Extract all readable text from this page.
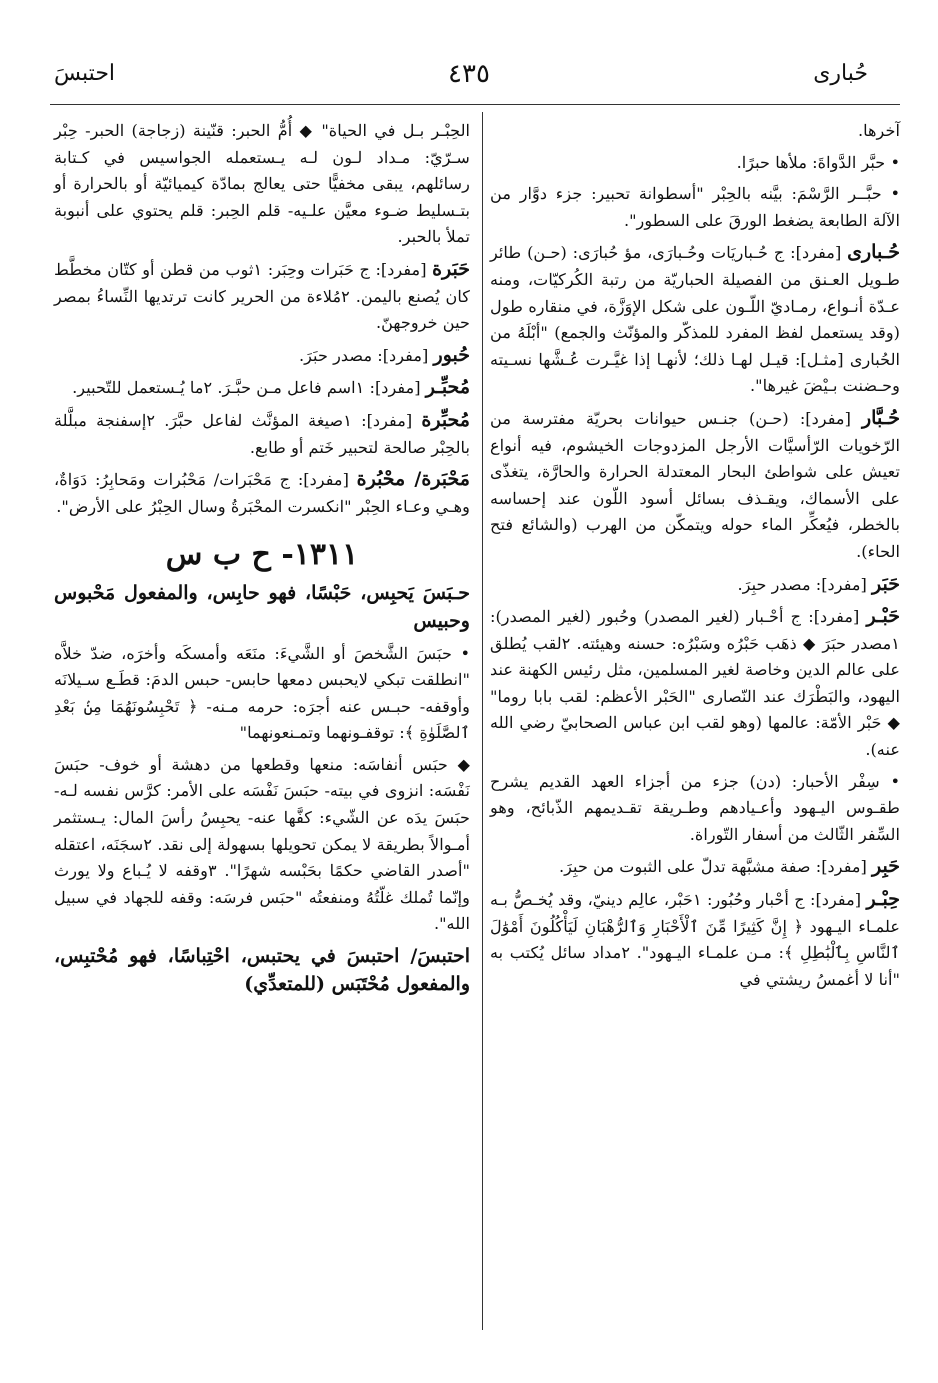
حُبارى
٤٣٥
احتبسَ

آخرها.

• حبَّر الدَّواةَ: ملأها حبرًا.

• حبَّــر الرَّسْمَ: بيَّنه بالحِبْر "أسطوانة تحبير: جزء دوَّار من الآلة الطابعة يضغط الورقَ على السطور".

حُـبارى [مفرد]: ج حُـباريَات وحُـبارَى، مؤ حُبارَى: (حـن) طائر طـويل العـنق من الفصيلة الحباريّة من رتبة الكُركيّات، ومنه عـدّة أنـواع، رمـاديّ اللّـون على شكل الإوَزَّة، في منقاره طول (وقد يستعمل لفظ المفرد للمذكّر والمؤنّث والجمع) "أبْلَهُ من الحُبارى [مثـل]: قيـل لهـا ذلك؛ لأنهـا إذا غيَّـرت عُـشَّها نسـيته وحـضنت بـيْضَ غيرها".

حُـبَّار [مفرد]: (حـن) جنـس حيوانات بحريّة مفترسة من الرّخويات الرّأسيَّات الأرجل المزدوجات الخيشوم، فيه أنواع تعيش على شواطئ البحار المعتدلة الحرارة والحارَّة، يتغذّى على الأسماك، ويقـذف بسائل أسود اللّون عند إحساسه بالخطر، فيُعكِّر الماء حوله ويتمكّن من الهرب (والشائع فتح الحاء).

حَبَر [مفرد]: مصدر حبِرَ.

حَبْـر [مفرد]: ج أحْـبار (لغير المصدر) وحُبور (لغير المصدر): ١مصدر حبَرَ ◆ ذهَب حَبْرُه وسَبْرُه: حسنه وهيئته. ٢لقب يُطلق على عالم الدين وخاصة لغير المسلمين، مثل رئيس الكهنة عند اليهود، والبَطْرَك عند النّصارى "الحَبْر الأعظم: لقب بابا روما" ◆ حَبْر الأمّة: عالمها (وهو لقب ابن عباس الصحابيّ رضي الله عنه).

• سِفْر الأحبار: (دن) جزء من أجزاء العهد القديم يشرح طقـوس اليـهود وأعـيادهم وطـريقة تقـديمهم الذّبائح، وهو السِّفر الثّالث من أسفار التّوراة.

حَبِر [مفرد]: صفة مشبَّهة تدلّ على الثبوت من حبِرَ.

حِبْـر [مفرد]: ج أحْبار وحُبُور: ١حَبْر، عالِم دينيّ، وقد يُخـصُّ بـه علمـاء اليـهود ﴿ إِنَّ كَثِيرًا مِّنَ ٱلْأَحْبَارِ وَٱلرُّهْبَانِ لَيَأْكُلُونَ أَمْوَٰلَ ٱلنَّاسِ بِٱلْبَٰطِلِ ﴾: مـن علمـاء اليـهود". ٢مداد سائل يُكتب به "أنا لا أغمسُ ريشتي في

الحِبْـر بـل في الحياة" ◆ أُمُّ الحبر: قنّينة (زجاجة) الحبر- حِبْر سـرّيّ: مـداد لـون لـه يـستعمله الجواسيس في كـتابة رسائلهم، يبقى مخفيًّا حتى يعالج بمادّة كيميائيّة أو بالحرارة أو بتـسليط ضـوء معيَّن علـيه- قلم الحِبر: قلم يحتوي على أنبوبة تملأ بالحبر.

حَبَرة [مفرد]: ج حَبَرات وحِبَر: ١ثوب من قطن أو كتّان مخطَّط كان يُصنع باليمن. ٢مُلاءة من الحرير كانت ترتديها النِّساءُ بمصر حين خروجهنّ.

حُبور [مفرد]: مصدر حبَرَ.

مُحبِّـر [مفرد]: ١اسم فاعل مـن حبَّـرَ. ٢ما يُـستعمل للتّحبير.

مُحبِّرة [مفرد]: ١صيغة المؤنَّث لفاعل حبَّرَ. ٢إسفنجة مبلَّلة بالحِبْر صالحة لتحبير خَتم أو طابع.

مَحْبَرة/ محْبُرة [مفرد]: ج مَحْبَرات/ مَحْبُرات ومَحابِرُ: دَوَاةٌ، وهـي وعـاء الحِبْر "انكسرت المحْبَرةُ وسال الحِبْرُ على الأرض".

١٣١١- ح ب س

حـبَسَ يَحبِس، حَبْسًا، فهو حابِس، والمفعول مَحْبوس وحبيس

• حبَسَ الشَّخصَ أو الشَّيءَ: منَعَه وأمسكَه وأخرَه، ضدّ خلاَّه "انطلقت تبكي لايحبس دمعها حابس- حبس الدمَ: قطَـع سـيلانَه وأوقفه- حبـس عنه أجرَه: حرمه مـنه- ﴿ تَحْبِسُونَهُمَا مِنۢ بَعْدِ ٱلصَّلَوٰةِ ﴾: توقفـونهما وتمـنعونهما"

◆ حبَس أنفاسَه: منعها وقطعها من دهشة أو خوف- حبَسَ نَفْسَه: انزوى في بيته- حبَسَ نَفْسَه على الأمر: كرَّس نفسه لـه- حبَسَ يدَه عن الشّيء: كفَّها عنه- يحبِسُ رأسَ المال: يـستثمر أمـوالاً بطريقة لا يمكن تحويلها بسهولة إلى نقد. ٢سجَنَه، اعتقله "أصدر القاضي حكمًا بحَبْسه شهرًا". ٣وقفه لا يُـباع ولا يورث وإنّما تُملك غلّتُهُ ومنفعتُه "حبَس فرسَه: وقفه للجهاد في سبيل الله".

احتبسَ/ احتبسَ في يحتبس، احْتِباسًا، فهو مُحْتبِس، والمفعول مُحْتَبَس (للمتعدِّي)
